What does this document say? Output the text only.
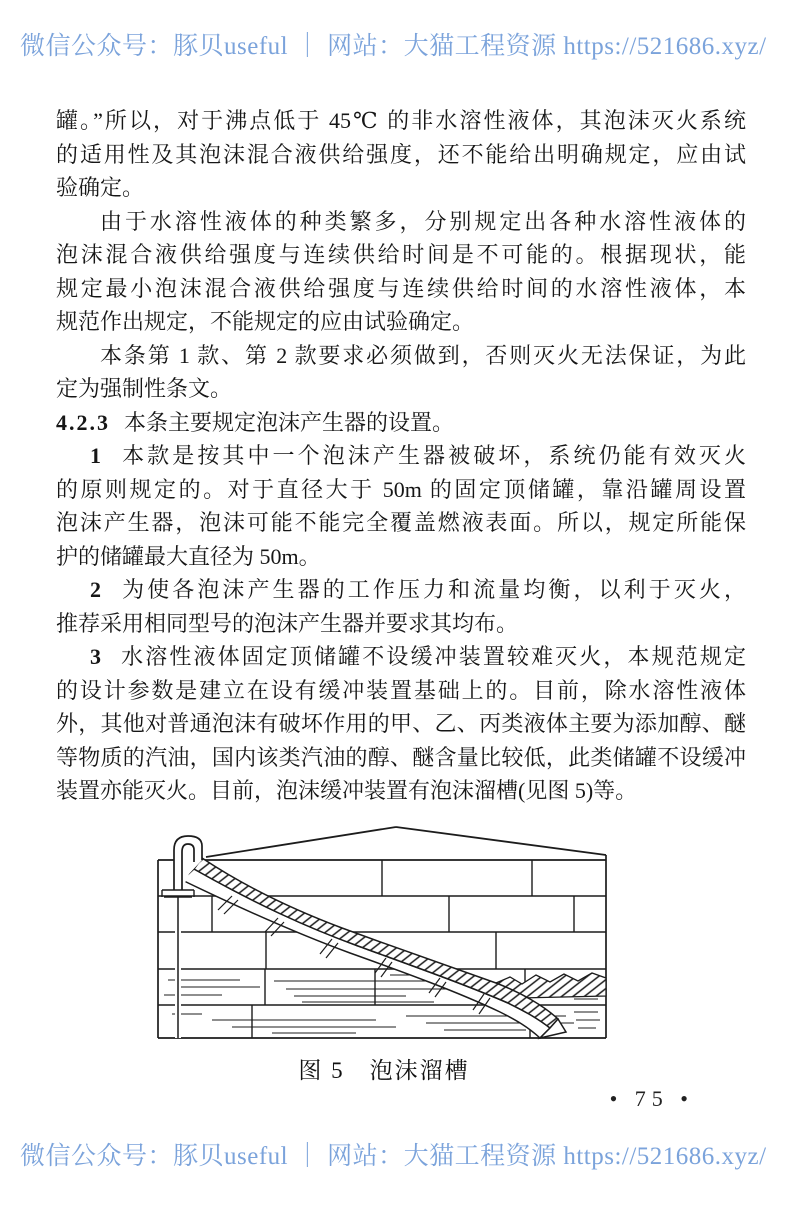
微信公众号：豚贝useful ｜ 网站：大猫工程资源 https://521686.xyz/

罐。”所以，对于沸点低于 45℃ 的非水溶性液体，其泡沫灭火系统

的适用性及其泡沫混合液供给强度，还不能给出明确规定，应由试

验确定。

由于水溶性液体的种类繁多，分别规定出各种水溶性液体的

泡沫混合液供给强度与连续供给时间是不可能的。根据现状，能

规定最小泡沫混合液供给强度与连续供给时间的水溶性液体，本

规范作出规定，不能规定的应由试验确定。

本条第 1 款、第 2 款要求必须做到，否则灭火无法保证，为此

定为强制性条文。

4.2.3 本条主要规定泡沫产生器的设置。

1 本款是按其中一个泡沫产生器被破坏，系统仍能有效灭火

的原则规定的。对于直径大于 50m 的固定顶储罐，靠沿罐周设置

泡沫产生器，泡沫可能不能完全覆盖燃液表面。所以，规定所能保

护的储罐最大直径为 50m。

2 为使各泡沫产生器的工作压力和流量均衡，以利于灭火，

推荐采用相同型号的泡沫产生器并要求其均布。

3 水溶性液体固定顶储罐不设缓冲装置较难灭火，本规范规定

的设计参数是建立在设有缓冲装置基础上的。目前，除水溶性液体

外，其他对普通泡沫有破坏作用的甲、乙、丙类液体主要为添加醇、醚

等物质的汽油，国内该类汽油的醇、醚含量比较低，此类储罐不设缓冲

装置亦能灭火。目前，泡沫缓冲装置有泡沫溜槽(见图 5)等。

图 5　泡沫溜槽
• 75 •
微信公众号：豚贝useful ｜ 网站：大猫工程资源 https://521686.xyz/
